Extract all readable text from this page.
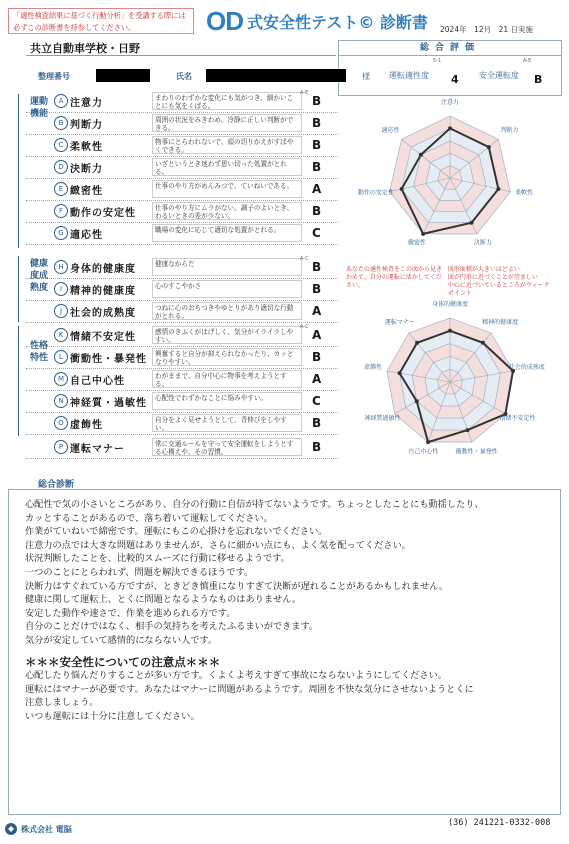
「適性検査結果に基づく行動分析」を受講する際には必ずこの診断書を持参してください。	OD 式安全性テスト© 診断書 2024年　12月　21 日実施
共立自動車学校・日野	総合評価
5-1
運転適性度	4
A-E
安全運転度	B
整理番号	氏名	様
A 注意力	まわりのわずかな変化にも気がつき、細かいことにも気をくばる。	B
B 判断力	周囲の状況をみきわめ、冷静に正しい判断ができる。	B
C 柔軟性	物事にとらわれないで、頭の切りかえがすばやくできる。	B
D 決断力	いざというとき迷わず思い切った処置がとれる。	B
E 緻密性	仕事のやり方がめんみつで、ていねいである。	A
F 動作の安定性	仕事のやり方にムラがない。調子のよいとき、わるいときの差が少ない。	B
G 適応性	職場の変化に応じて適切な処置がとれる。	C
H 身体的健康度	健康なからだ	B
I 精神的健康度	心のすこやかさ	B
J 社会的成熟度	つねに心のおちつきやゆとりがあり適切な行動がとれる。	A
K 情緒不安定性	感情のきふくがはげしく、気分がイライラしやすい。	A
L 衝動性・暴発性	興奮すると自分が抑えられなかったり、カッとなりやすい。	B
M 自己中心性	わがままで、自分中心に物事を考えようとする。	A
N 神経質・過敏性	心配性でわずかなことに悩みやすい。	C
O 虚飾性	自分をよく見せようとして、背伸びをしやすい。	B
P 運転マナー	常に交通ルールを守って安全運転をしようとする心構えや、その習慣。	B
運動機能
健康度成熟度
性格特性
A-E
A-C
A-C
注意力
判断力
柔軟性
決断力
緻密性
動作の安定性
適応性
あなたの適性検査をこの図から見きわめて、自分の運転に活かしてください。 図形面積が大きいほどよい
図が円形に近づくことが望ましい
中心に近づいているところがウィークポイント
身体的健康度
精神的健康度
社会的成熟度
情緒不安定性
衝動性・暴発性
自己中心性
神経質過敏性
虚飾性
運転マナー
総合診断

心配性で気の小さいところがあり、自分の行動に自信が持てないようです。ちょっとしたことにも動揺したり、

カッとすることがあるので、落ち着いて運転してください。

作業がていねいで綿密です。運転にもこの心掛けを忘れないでください。

注意力の点では大きな問題はありませんが、さらに細かい点にも、よく気を配ってください。

状況判断したことを、比較的スムーズに行動に移せるようです。

一つのことにとらわれず、問題を解決できるほうです。

決断力はすぐれている方ですが、ときどき慎重になりすぎて決断が遅れることがあるかもしれません。

健康に関して運転上、とくに問題となるようなものはありません。

安定した動作や速さで、作業を進められる方です。

自分のことだけではなく、相手の気持ちを考えたふるまいができます。

気分が安定していて感情的にならない人です。

＊＊＊安全性についての注意点＊＊＊

心配したり悩んだりすることが多い方です。くよくよ考えすぎて事故にならないようにしてください。

運転にはマナーが必要です。あなたはマナーに問題があるようです。周囲を不快な気分にさせないようとくに

注意しましょう。

いつも運転には十分に注意してください。

株式会社 電脳
(36) 241221-0332-008
